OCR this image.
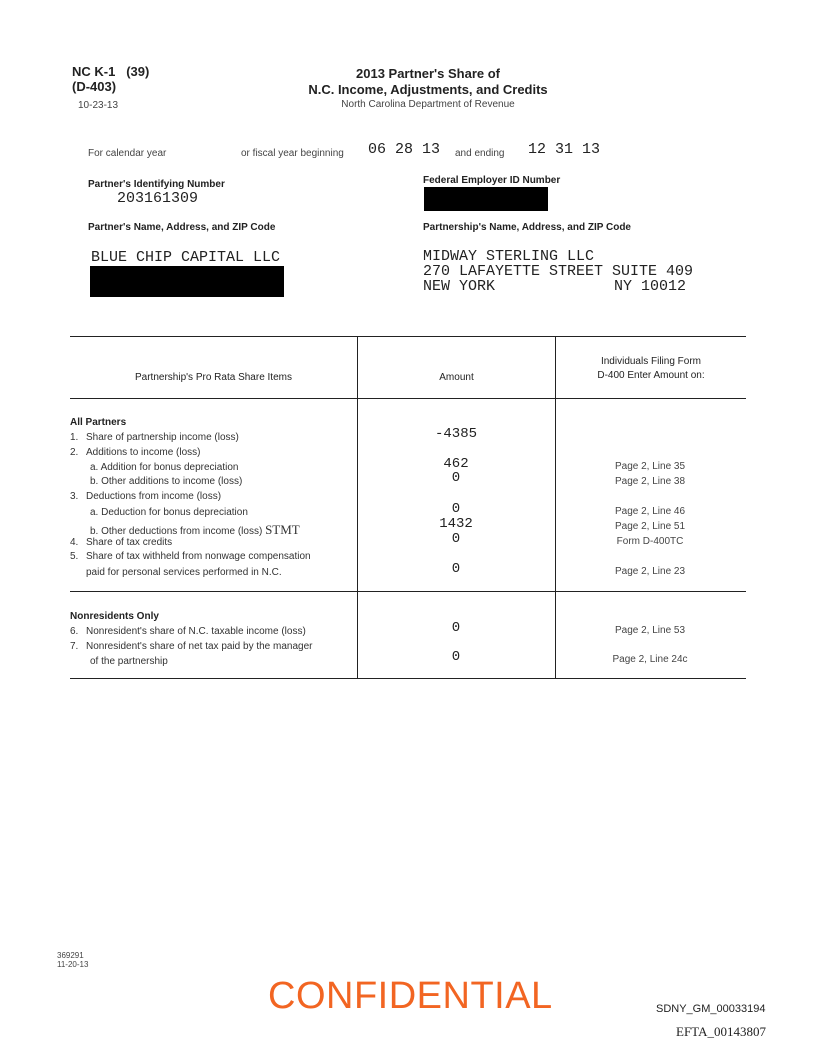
NC K-1 (39)
(D-403)
10-23-13
2013 Partner's Share of
N.C. Income, Adjustments, and Credits
North Carolina Department of Revenue
For calendar year	or fiscal year beginning 06 28 13 and ending 12 31 13
Partner's Identifying Number
203161309
Federal Employer ID Number
Partner's Name, Address, and ZIP Code
BLUE CHIP CAPITAL LLC
Partnership's Name, Address, and ZIP Code
MIDWAY STERLING LLC
270 LAFAYETTE STREET SUITE 409
NEW YORK	NY 10012
Partnership's Pro Rata Share Items	Amount
Individuals Filing Form
D-400 Enter Amount on:
All Partners
1. Share of partnership income (loss)	-4385
2. Additions to income (loss)
a. Addition for bonus depreciation	462	Page 2, Line 35
b. Other additions to income (loss)	0	Page 2, Line 38
3. Deductions from income (loss)
a. Deduction for bonus depreciation	0	Page 2, Line 46
b. Other deductions from income (loss) STMT	1432	Page 2, Line 51
4. Share of tax credits	0	Form D-400TC
5. Share of tax withheld from nonwage compensation
paid for personal services performed in N.C.	0	Page 2, Line 23
Nonresidents Only
6. Nonresident's share of N.C. taxable income (loss)	0	Page 2, Line 53
7. Nonresident's share of net tax paid by the manager
of the partnership	0	Page 2, Line 24c
369291
11-20-13
CONFIDENTIAL	SDNY_GM_00033194
EFTA_00143807
